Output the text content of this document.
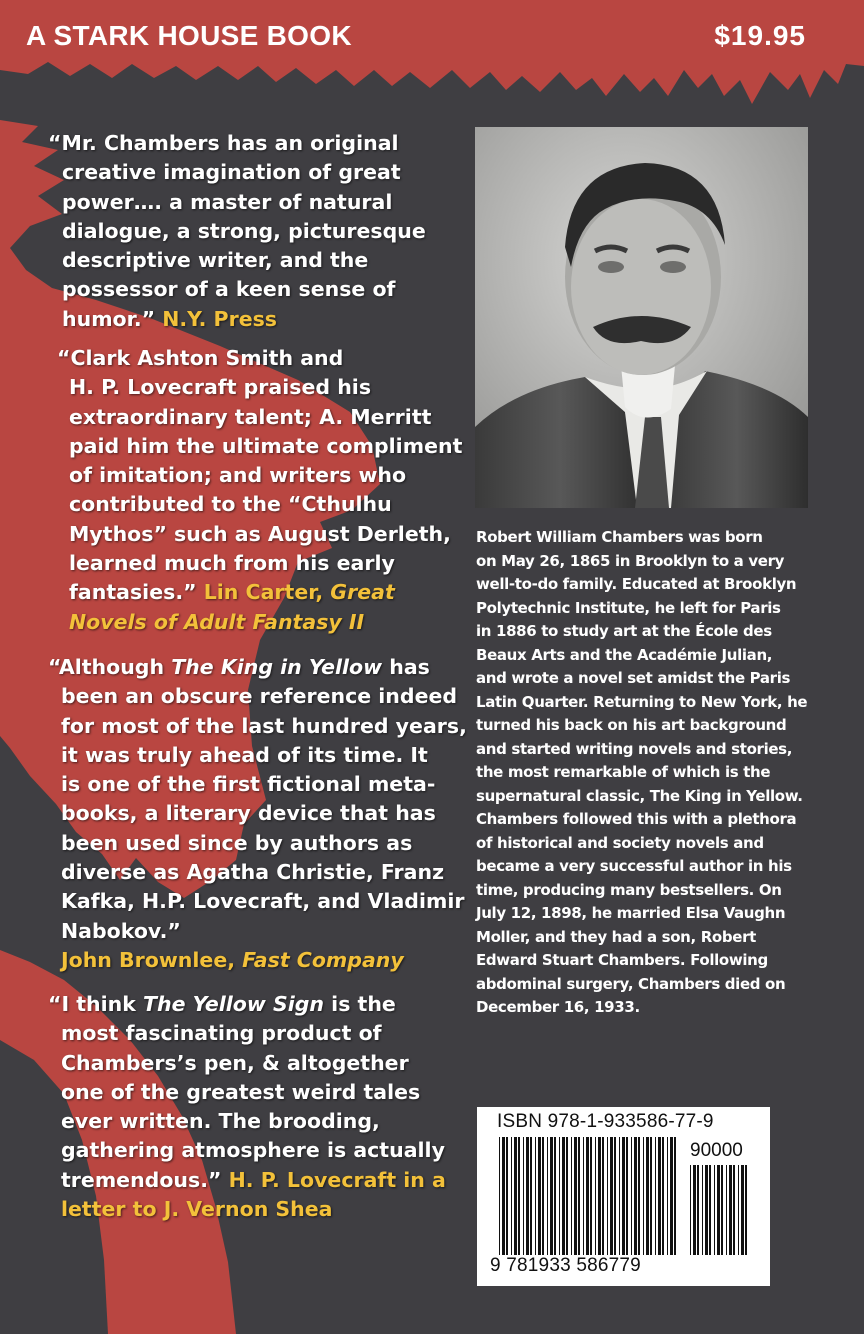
A STARK HOUSE BOOK	$19.95
“Mr. Chambers has an original
creative imagination of great
power…. a master of natural
dialogue, a strong, picturesque
descriptive writer, and the
possessor of a keen sense of
humor.” N.Y. Press
“Clark Ashton Smith and
H. P. Lovecraft praised his
extraordinary talent; A. Merritt
paid him the ultimate compliment
of imitation; and writers who
contributed to the “Cthulhu
Mythos” such as August Derleth,
learned much from his early
fantasies.” Lin Carter, Great
Novels of Adult Fantasy II
“Although The King in Yellow has
been an obscure reference indeed
for most of the last hundred years,
it was truly ahead of its time. It
is one of the first fictional meta-
books, a literary device that has
been used since by authors as
diverse as Agatha Christie, Franz
Kafka, H.P. Lovecraft, and Vladimir
Nabokov.”
John Brownlee, Fast Company
“I think The Yellow Sign is the
most fascinating product of
Chambers’s pen, & altogether
one of the greatest weird tales
ever written. The brooding,
gathering atmosphere is actually
tremendous.” H. P. Lovecraft in a
letter to J. Vernon Shea
Robert William Chambers was born
on May 26, 1865 in Brooklyn to a very
well-to-do family. Educated at Brooklyn
Polytechnic Institute, he left for Paris
in 1886 to study art at the École des
Beaux Arts and the Académie Julian,
and wrote a novel set amidst the Paris
Latin Quarter. Returning to New York, he
turned his back on his art background
and started writing novels and stories,
the most remarkable of which is the
supernatural classic, The King in Yellow.
Chambers followed this with a plethora
of historical and society novels and
became a very successful author in his
time, producing many bestsellers. On
July 12, 1898, he married Elsa Vaughn
Moller, and they had a son, Robert
Edward Stuart Chambers. Following
abdominal surgery, Chambers died on
December 16, 1933.
ISBN 978-1-933586-77-9
90000
9 781933 586779
